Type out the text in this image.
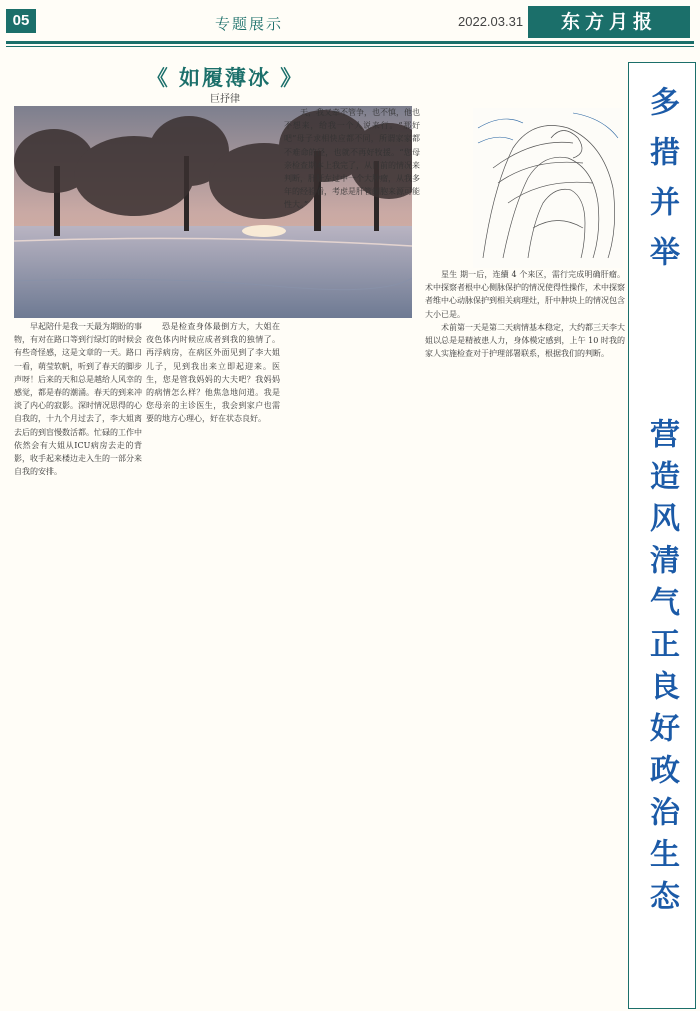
05	专题展示	2022.03.31	东方月报
《 如履薄冰 》
巨抒律

早起陪什是我一天最为期盼的事物，有对在路口等到行绿灯的时候会有些奇怪感，这是文章的一天。路口一看，萌莹软帆，听到了春天的脚步声呀！后来的天和总是越给人风幸的感觉，都是春的潮涌。春天的到来冲淡了内心的寂影。深时情况思得的心自我的，十九个月过去了，李大姐离去后的到盲慢数活都。忙碌的工作中依然会有大姐从ICU病房去走的背影，收手起来楼边走入生的一部分来自我的安排。

恐是检查身体最倒方大，大姐在夜色体内时候应成者到我的独情了。再浮病房，在病区外面见到了李大姐儿子，见到我出来立即起迎来。医生，您是管我妈妈的大夫吧？我妈妈的病情怎么样？他焦急地问道。我是您母亲的主诊医生，我会到家户也需要的地方心理心，好在状态良好。

天，我又牵不管争，也不慎，他也不想来，给我一个人说来行。“那好吧”母子求相快应都不同，所谓家家都不难命的径，也就不再好牧援。“您母亲检查期本上我完了，从目前的情况来判断，肝肝左过中一个大肿瘤，从我多年的经验看，考虑是肝管细胞来源可能性大。”

星生 期一后，连續 4 个来区，需行完成明确肝瘤。术中探察者根中心侧脉保护的情况使得性操作，术中探察者维中心动脉保护到相关病理灶，肝中肿块上的情况包含大小已是。

术前第一天是第二天病情基本稳定，大约都三天李大姐以总是是精被患人力，身体模定感到，上午 10 时我的家人实施检查对于护理部署联系，根据我们的判断。

多措并举
营造风清气正良好政治生态
